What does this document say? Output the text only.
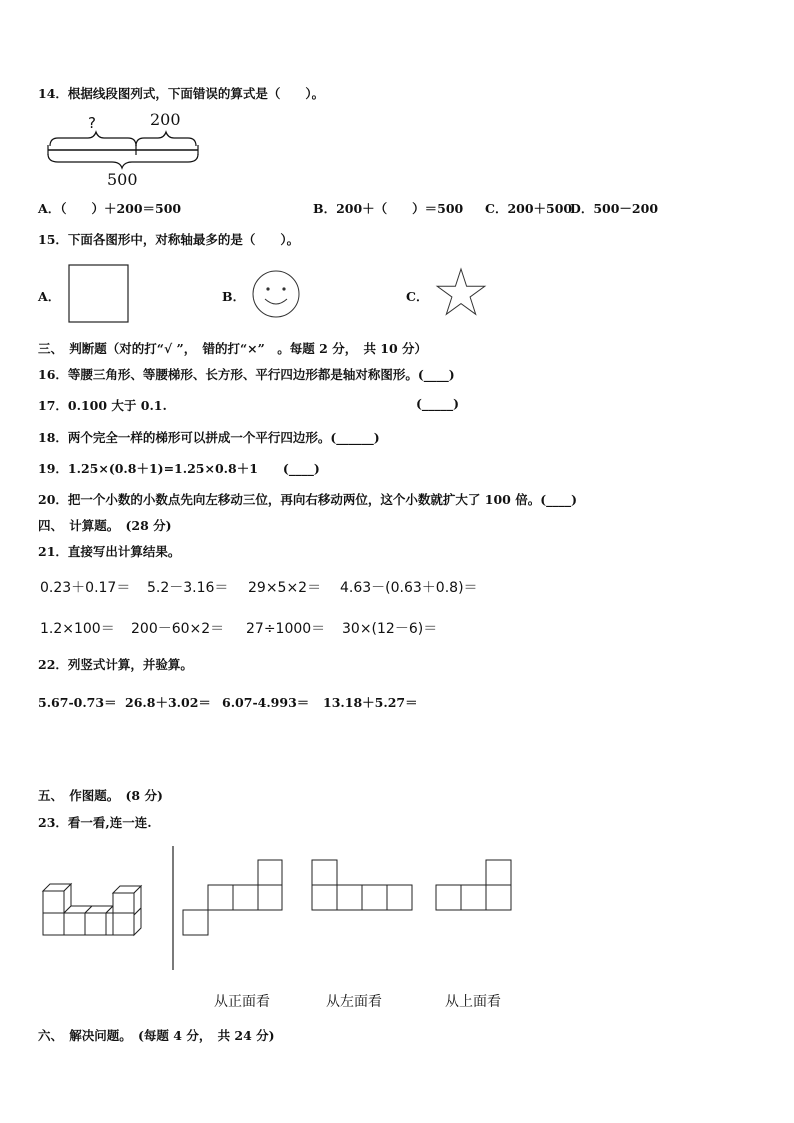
14．根据线段图列式，下面错误的算式是（　　）。
?	200
500
A．（　　）＋200＝500	B．200＋（　　）＝500 C．200＋500
D．500－200
15．下面各图形中，对称轴最多的是（　　）。
A．	B．	C．
三、　判断题（对的打“√ ”，　错的打“×”　。每题 2 分，　共 10 分）
16．等腰三角形、等腰梯形、长方形、平行四边形都是轴对称图形。(____)
17．0.100 大于 0.1.	(_____)
18．两个完全一样的梯形可以拼成一个平行四边形。(______)
19．1.25×(0.8＋1)=1.25×0.8＋1　　(____)
20．把一个小数的小数点先向左移动三位，再向右移动两位，这个小数就扩大了 100 倍。(____)
四、　计算题。　(28 分)
21．直接写出计算结果。
0.23＋0.17＝ 5.2－3.16＝ 29×5×2＝ 4.63－(0.63＋0.8)＝
1.2×100＝ 200－60×2＝ 27÷1000＝ 30×(12－6)＝
22．列竖式计算，并验算。
5.67-0.73＝ 26.8＋3.02＝ 6.07-4.993＝ 13.18＋5.27＝
五、　作图题。　(8 分)
23．看一看,连一连.
从正面看	从左面看	从上面看
六、　解决问题。　(每题 4 分，　共 24 分)
